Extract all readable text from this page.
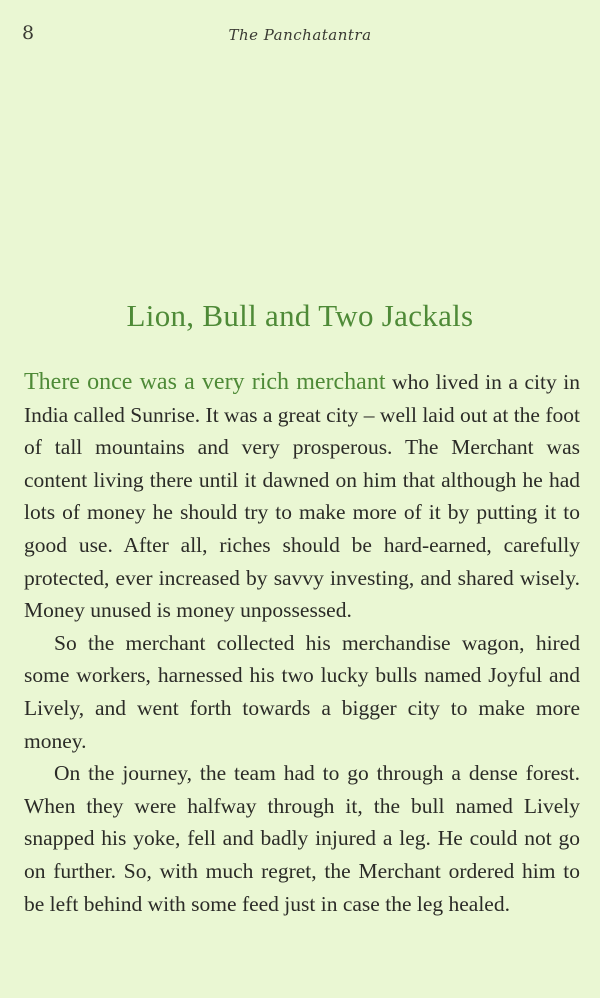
8	The Panchatantra
Lion, Bull and Two Jackals

There once was a very rich merchant who lived in a city in India called Sunrise. It was a great city – well laid out at the foot of tall mountains and very prosperous. The Merchant was content living there until it dawned on him that although he had lots of money he should try to make more of it by putting it to good use. After all, riches should be hard-earned, carefully protected, ever increased by savvy investing, and shared wisely. Money unused is money unpossessed.

So the merchant collected his merchandise wagon, hired some workers, harnessed his two lucky bulls named Joyful and Lively, and went forth towards a bigger city to make more money.

On the journey, the team had to go through a dense forest. When they were halfway through it, the bull named Lively snapped his yoke, fell and badly injured a leg. He could not go on further. So, with much regret, the Merchant ordered him to be left behind with some feed just in case the leg healed.
